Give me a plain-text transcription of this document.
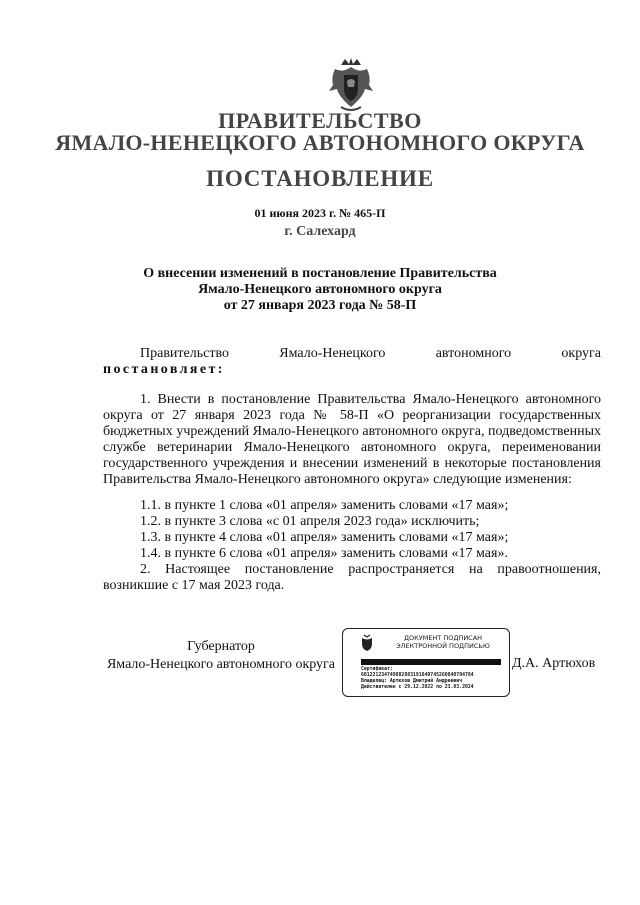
ПРАВИТЕЛЬСТВО
ЯМАЛО-НЕНЕЦКОГО АВТОНОМНОГО ОКРУГА
ПОСТАНОВЛЕНИЕ
01 июня 2023 г. № 465-П
г. Салехард
О внесении изменений в постановление Правительства
Ямало-Ненецкого автономного округа
от 27 января 2023 года № 58-П
Правительство	Ямало-Ненецкого	автономного	округа
постановляет:
1. Внести в постановление Правительства Ямало-Ненецкого автономного округа от 27 января 2023 года № 58-П «О реорганизации государственных бюджетных учреждений Ямало-Ненецкого автономного округа, подведомственных службе ветеринарии Ямало-Ненецкого автономного округа, переименовании государственного учреждения и внесении изменений в некоторые постановления Правительства Ямало-Ненецкого автономного округа» следующие изменения:
1.1. в пункте 1 слова «01 апреля» заменить словами «17 мая»;
1.2. в пункте 3 слова «с 01 апреля 2023 года» исключить;
1.3. в пункте 4 слова «01 апреля» заменить словами «17 мая»;
1.4. в пункте 6 слова «01 апреля» заменить словами «17 мая».
2. Настоящее постановление распространяется на правоотношения, возникшие с 17 мая 2023 года.
Губернатор
Ямало-Ненецкого автономного округа
ДОКУМЕНТ ПОДПИСАН
ЭЛЕКТРОННОЙ ПОДПИСЬЮ
Сертификат:
601221234749882883191640745260840704784
Владелец: Артюхов Дмитрий Андреевич
Действителен с 29.12.2022 по 23.03.2024
Д.А. Артюхов
